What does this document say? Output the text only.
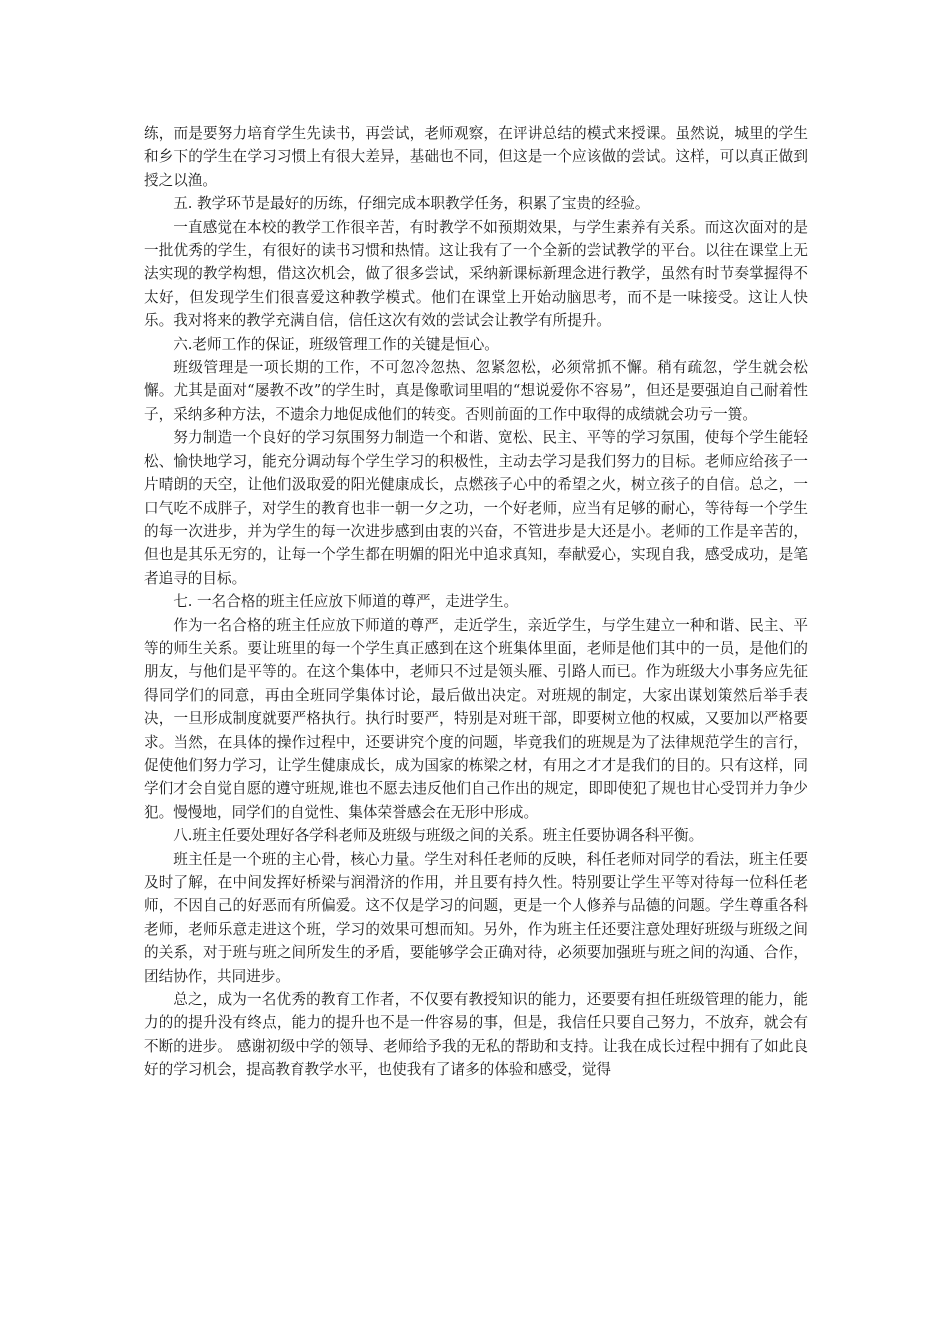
练，而是要努力培育学生先读书，再尝试，老师观察，在评讲总结的模式来授课。虽然说，城里的学生和乡下的学生在学习习惯上有很大差异，基础也不同，但这是一个应该做的尝试。这样，可以真正做到授之以渔。

五. 教学环节是最好的历练，仔细完成本职教学任务，积累了宝贵的经验。

一直感觉在本校的教学工作很辛苦，有时教学不如预期效果，与学生素养有关系。而这次面对的是一批优秀的学生，有很好的读书习惯和热情。这让我有了一个全新的尝试教学的平台。以往在课堂上无法实现的教学构想，借这次机会，做了很多尝试，采纳新课标新理念进行教学，虽然有时节奏掌握得不太好，但发现学生们很喜爱这种教学模式。他们在课堂上开始动脑思考，而不是一味接受。这让人快乐。我对将来的教学充满自信，信任这次有效的尝试会让教学有所提升。

六.老师工作的保证，班级管理工作的关键是恒心。

班级管理是一项长期的工作，不可忽冷忽热、忽紧忽松，必须常抓不懈。稍有疏忽，学生就会松懈。尤其是面对“屡教不改”的学生时，真是像歌词里唱的“想说爱你不容易”，但还是要强迫自己耐着性子，采纳多种方法，不遗余力地促成他们的转变。否则前面的工作中取得的成绩就会功亏一篑。

努力制造一个良好的学习氛围努力制造一个和谐、宽松、民主、平等的学习氛围，使每个学生能轻松、愉快地学习，能充分调动每个学生学习的积极性，主动去学习是我们努力的目标。老师应给孩子一片晴朗的天空，让他们汲取爱的阳光健康成长，点燃孩子心中的希望之火，树立孩子的自信。总之，一口气吃不成胖子，对学生的教育也非一朝一夕之功，一个好老师，应当有足够的耐心，等待每一个学生的每一次进步，并为学生的每一次进步感到由衷的兴奋，不管进步是大还是小。老师的工作是辛苦的，但也是其乐无穷的，让每一个学生都在明媚的阳光中追求真知，奉献爱心，实现自我，感受成功，是笔者追寻的目标。

七. 一名合格的班主任应放下师道的尊严，走进学生。

作为一名合格的班主任应放下师道的尊严，走近学生，亲近学生，与学生建立一种和谐、民主、平等的师生关系。要让班里的每一个学生真正感到在这个班集体里面，老师是他们其中的一员，是他们的朋友，与他们是平等的。在这个集体中，老师只不过是领头雁、引路人而已。作为班级大小事务应先征得同学们的同意，再由全班同学集体讨论，最后做出决定。对班规的制定，大家出谋划策然后举手表决，一旦形成制度就要严格执行。执行时要严，特别是对班干部，即要树立他的权威，又要加以严格要求。当然，在具体的操作过程中，还要讲究个度的问题，毕竟我们的班规是为了法律规范学生的言行，促使他们努力学习，让学生健康成长，成为国家的栋梁之材，有用之才才是我们的目的。只有这样，同学们才会自觉自愿的遵守班规,谁也不愿去违反他们自己作出的规定，即即使犯了规也甘心受罚并力争少犯。慢慢地，同学们的自觉性、集体荣誉感会在无形中形成。

八.班主任要处理好各学科老师及班级与班级之间的关系。班主任要协调各科平衡。

班主任是一个班的主心骨，核心力量。学生对科任老师的反映，科任老师对同学的看法，班主任要及时了解，在中间发挥好桥梁与润滑济的作用，并且要有持久性。特别要让学生平等对待每一位科任老师，不因自己的好恶而有所偏爱。这不仅是学习的问题，更是一个人修养与品德的问题。学生尊重各科老师，老师乐意走进这个班，学习的效果可想而知。另外，作为班主任还要注意处理好班级与班级之间的关系，对于班与班之间所发生的矛盾，要能够学会正确对待，必须要加强班与班之间的沟通、合作，团结协作，共同进步。

总之，成为一名优秀的教育工作者，不仅要有教授知识的能力，还要要有担任班级管理的能力，能力的的提升没有终点，能力的提升也不是一件容易的事，但是，我信任只要自己努力，不放弃，就会有不断的进步。 感谢初级中学的领导、老师给予我的无私的帮助和支持。让我在成长过程中拥有了如此良好的学习机会，提高教育教学水平，也使我有了诸多的体验和感受，觉得
